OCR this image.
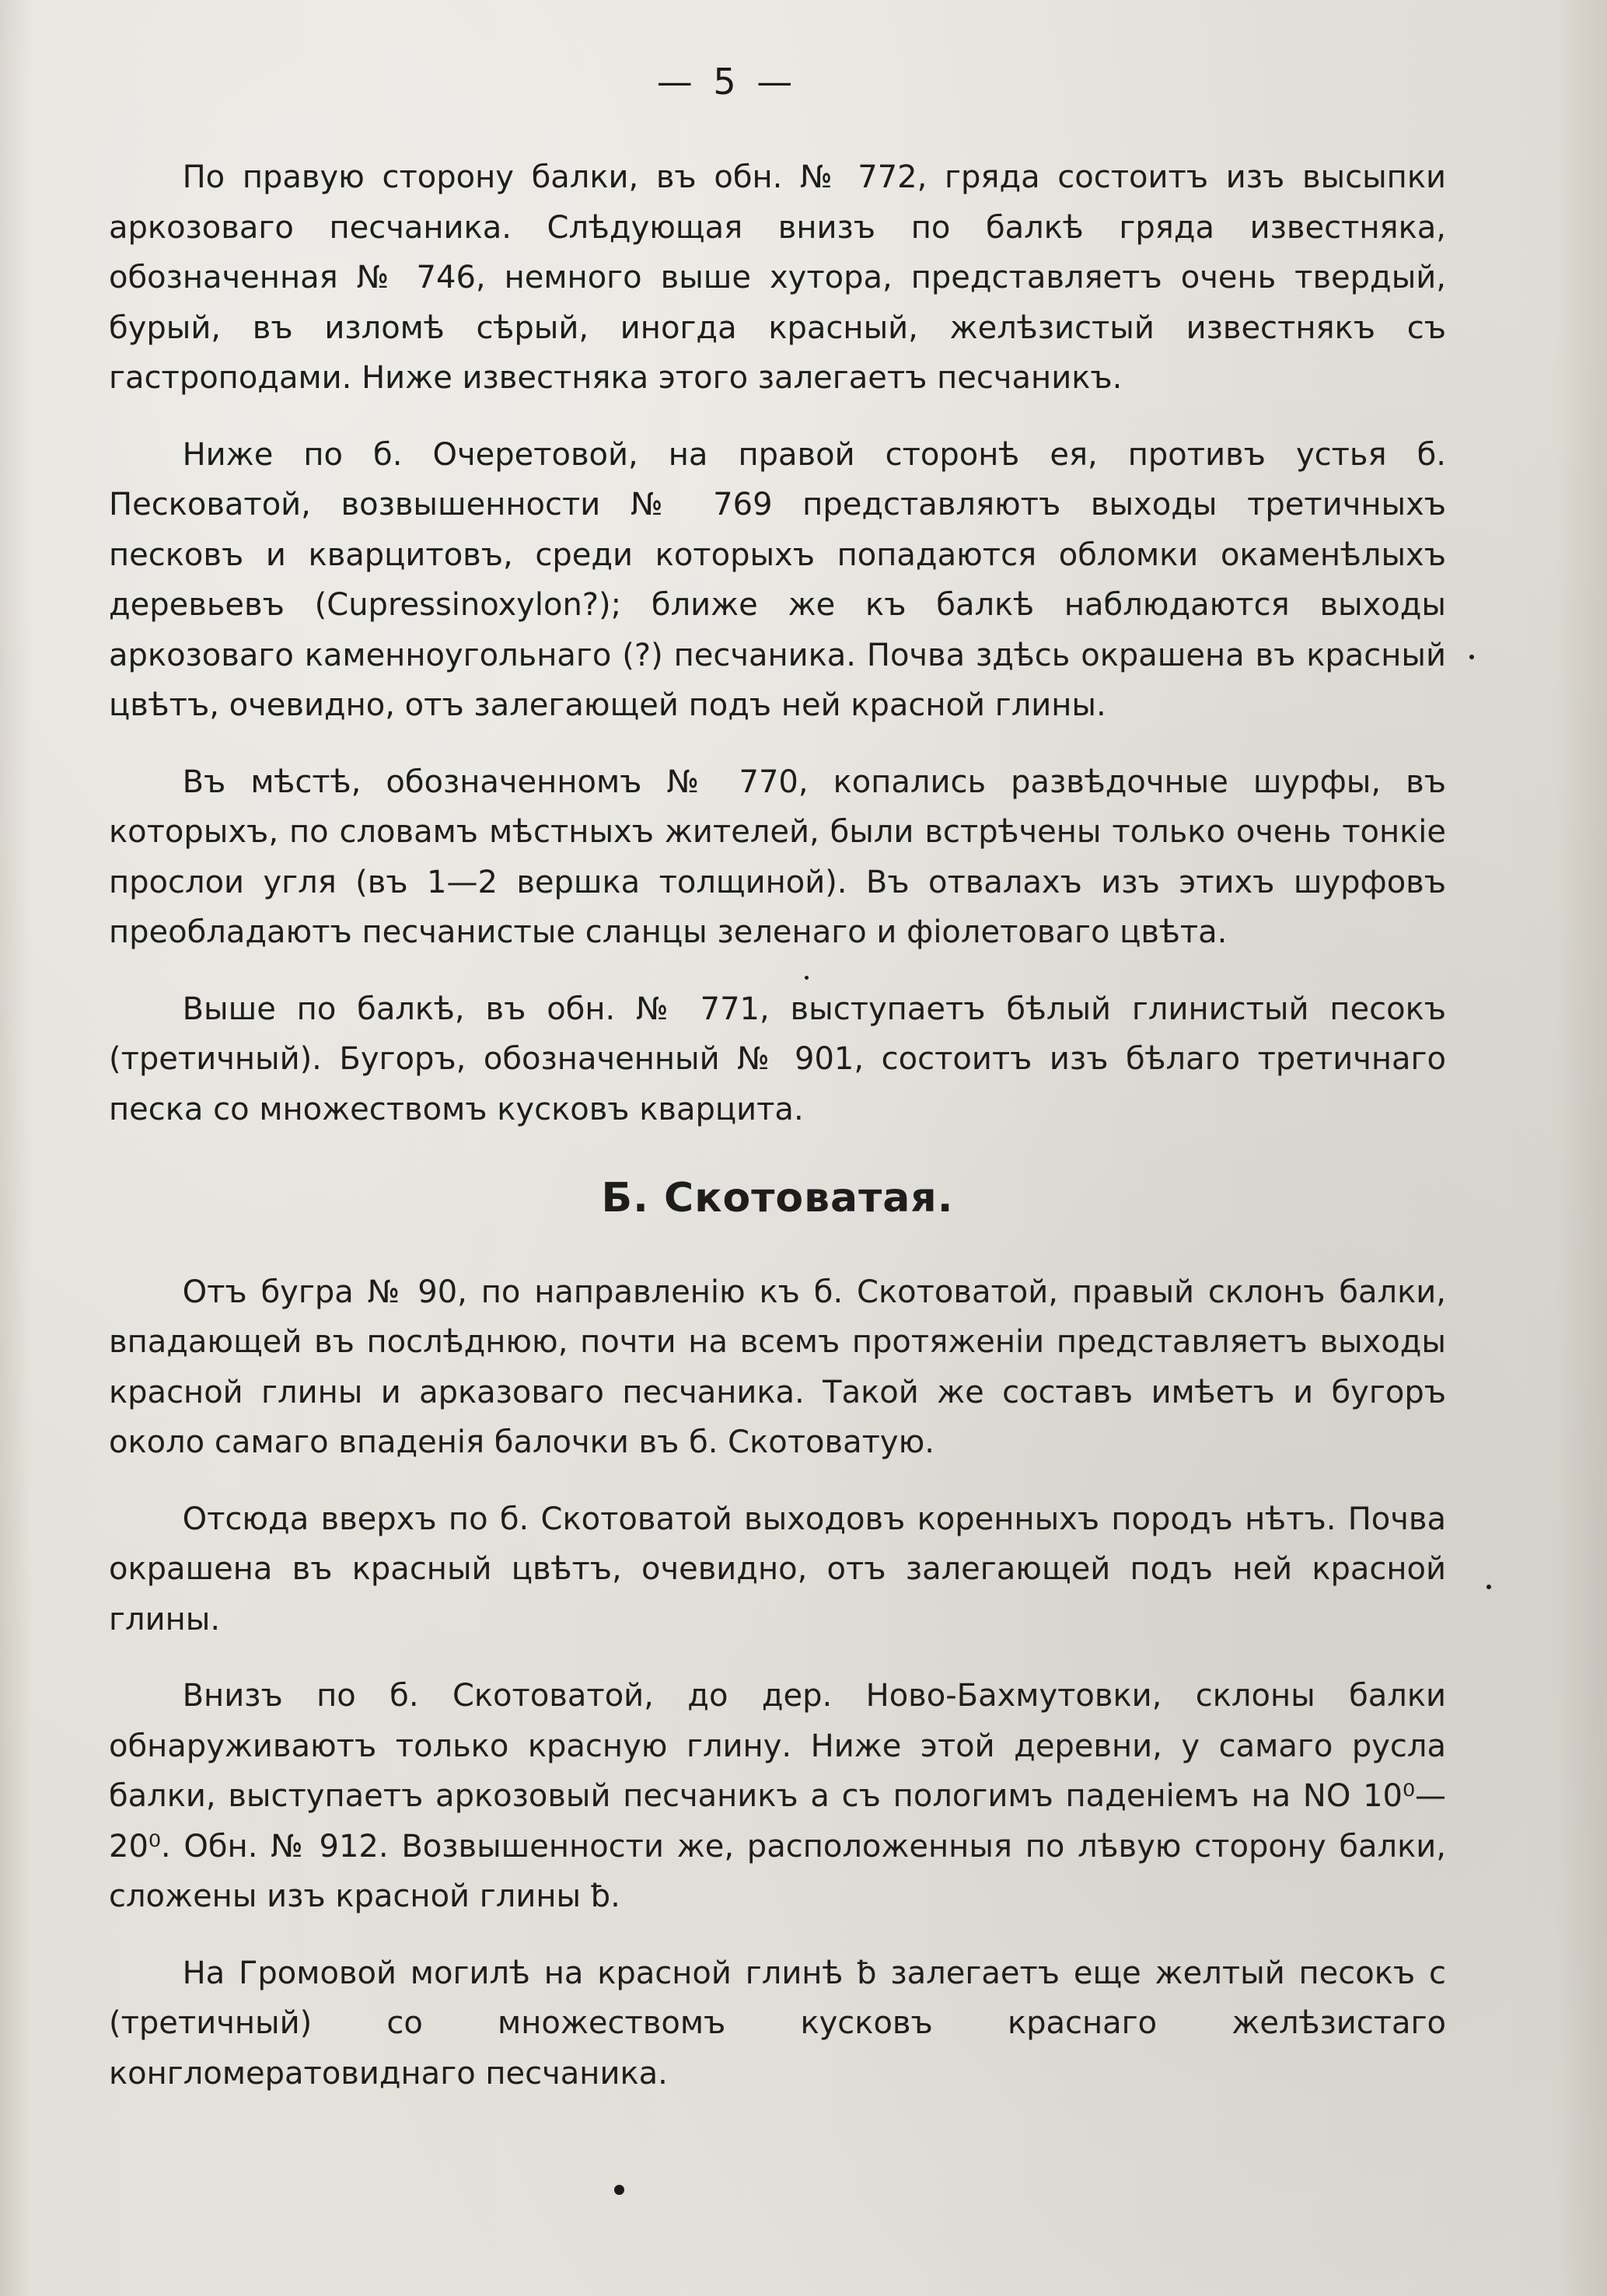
— 5 —

По правую сторону балки, въ обн. № 772, гряда состоитъ изъ высыпки аркозоваго песчаника. Слѣдующая внизъ по балкѣ гряда известняка, обозначенная № 746, немного выше хутора, представляетъ очень твердый, бурый, въ изломѣ сѣрый, иногда красный, желѣзистый известнякъ съ гастроподами. Ниже известняка этого залегаетъ песчаникъ.

Ниже по б. Очеретовой, на правой сторонѣ ея, противъ устья б. Песковатой, возвышенности № 769 представляютъ выходы третичныхъ песковъ и кварцитовъ, среди которыхъ попадаются обломки окаменѣлыхъ деревьевъ (Cupressinoxylon?); ближе же къ балкѣ наблюдаются выходы аркозоваго каменноугольнаго (?) песчаника. Почва здѣсь окрашена въ красный цвѣтъ, очевидно, отъ залегающей подъ ней красной глины.

Въ мѣстѣ, обозначенномъ № 770, копались развѣдочные шурфы, въ которыхъ, по словамъ мѣстныхъ жителей, были встрѣчены только очень тонкіе прослои угля (въ 1—2 вершка толщиной). Въ отвалахъ изъ этихъ шурфовъ преобладаютъ песчанистые сланцы зеленаго и фіолетоваго цвѣта.

Выше по балкѣ, въ обн. № 771, выступаетъ бѣлый глинистый песокъ (третичный). Бугоръ, обозначенный № 901, состоитъ изъ бѣлаго третичнаго песка со множествомъ кусковъ кварцита.

Б. Скотоватая.

Отъ бугра № 90, по направленію къ б. Скотоватой, правый склонъ балки, впадающей въ послѣднюю, почти на всемъ протяженіи представляетъ выходы красной глины и арказоваго песчаника. Такой же составъ имѣетъ и бугоръ около самаго впаденія балочки въ б. Скотоватую.

Отсюда вверхъ по б. Скотоватой выходовъ коренныхъ породъ нѣтъ. Почва окрашена въ красный цвѣтъ, очевидно, отъ залегающей подъ ней красной глины.

Внизъ по б. Скотоватой, до дер. Ново-Бахмутовки, склоны балки обнаруживаютъ только красную глину. Ниже этой деревни, у самаго русла балки, выступаетъ аркозовый песчаникъ а съ пологимъ паденіемъ на NO 10⁰—20⁰. Обн. № 912. Возвышенности же, расположенныя по лѣвую сторону балки, сложены изъ красной глины ƀ.

На Громовой могилѣ на красной глинѣ ƀ залегаетъ еще желтый песокъ с (третичный) со множествомъ кусковъ краснаго желѣзистаго конгломератовиднаго песчаника.
